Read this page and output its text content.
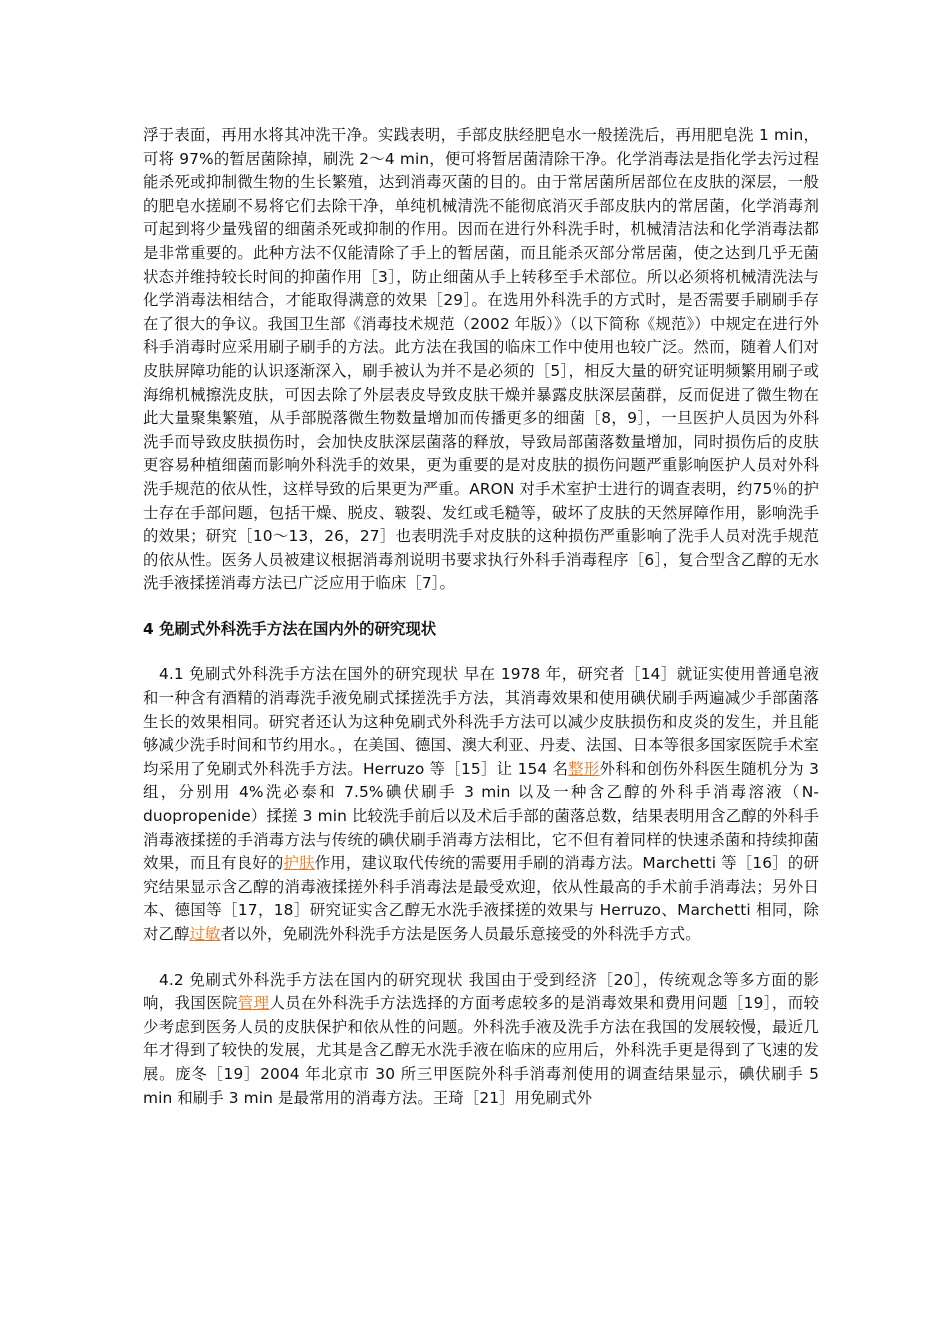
浮于表面，再用水将其冲洗干净。实践表明，手部皮肤经肥皂水一般搓洗后，再用肥皂洗 1 min，可将 97%的暂居菌除掉，刷洗 2～4 min，便可将暂居菌清除干净。化学消毒法是指化学去污过程能杀死或抑制微生物的生长繁殖，达到消毒灭菌的目的。由于常居菌所居部位在皮肤的深层，一般的肥皂水搓刷不易将它们去除干净，单纯机械清洗不能彻底消灭手部皮肤内的常居菌，化学消毒剂可起到将少量残留的细菌杀死或抑制的作用。因而在进行外科洗手时，机械清洁法和化学消毒法都是非常重要的。此种方法不仅能清除了手上的暂居菌，而且能杀灭部分常居菌，使之达到几乎无菌状态并维持较长时间的抑菌作用［3］，防止细菌从手上转移至手术部位。所以必须将机械清洗法与化学消毒法相结合，才能取得满意的效果［29］。在选用外科洗手的方式时，是否需要手刷刷手存在了很大的争议。我国卫生部《消毒技术规范（2002 年版）》（以下简称《规范》）中规定在进行外科手消毒时应采用刷子刷手的方法。此方法在我国的临床工作中使用也较广泛。然而，随着人们对皮肤屏障功能的认识逐渐深入，刷手被认为并不是必须的［5］，相反大量的研究证明频繁用刷子或海绵机械擦洗皮肤，可因去除了外层表皮导致皮肤干燥并暴露皮肤深层菌群，反而促进了微生物在此大量聚集繁殖，从手部脱落微生物数量增加而传播更多的细菌［8，9］，一旦医护人员因为外科洗手而导致皮肤损伤时，会加快皮肤深层菌落的释放，导致局部菌落数量增加，同时损伤后的皮肤更容易种植细菌而影响外科洗手的效果，更为重要的是对皮肤的损伤问题严重影响医护人员对外科洗手规范的依从性，这样导致的后果更为严重。ARON 对手术室护士进行的调查表明，约75％的护士存在手部问题，包括干燥、脱皮、皲裂、发红或毛糙等，破坏了皮肤的天然屏障作用，影响洗手的效果；研究［10～13，26，27］也表明洗手对皮肤的这种损伤严重影响了洗手人员对洗手规范的依从性。医务人员被建议根据消毒剂说明书要求执行外科手消毒程序［6］，复合型含乙醇的无水洗手液揉搓消毒方法已广泛应用于临床［7］。

4 免刷式外科洗手方法在国内外的研究现状

4.1 免刷式外科洗手方法在国外的研究现状 早在 1978 年，研究者［14］就证实使用普通皂液和一种含有酒精的消毒洗手液免刷式揉搓洗手方法，其消毒效果和使用碘伏刷手两遍减少手部菌落生长的效果相同。研究者还认为这种免刷式外科洗手方法可以减少皮肤损伤和皮炎的发生，并且能够减少洗手时间和节约用水。，在美国、德国、澳大利亚、丹麦、法国、日本等很多国家医院手术室均采用了免刷式外科洗手方法。Herruzo 等［15］让 154 名整形外科和创伤外科医生随机分为 3 组，分别用 4%洗必泰和 7.5%碘伏刷手 3 min 以及一种含乙醇的外科手消毒溶液（N-duopropenide）揉搓 3 min 比较洗手前后以及术后手部的菌落总数，结果表明用含乙醇的外科手消毒液揉搓的手消毒方法与传统的碘伏刷手消毒方法相比，它不但有着同样的快速杀菌和持续抑菌效果，而且有良好的护肤作用，建议取代传统的需要用手刷的消毒方法。Marchetti 等［16］的研究结果显示含乙醇的消毒液揉搓外科手消毒法是最受欢迎，依从性最高的手术前手消毒法；另外日本、德国等［17，18］研究证实含乙醇无水洗手液揉搓的效果与 Herruzo、Marchetti 相同，除对乙醇过敏者以外，免刷洗外科洗手方法是医务人员最乐意接受的外科洗手方式。

4.2 免刷式外科洗手方法在国内的研究现状 我国由于受到经济［20］，传统观念等多方面的影响，我国医院管理人员在外科洗手方法选择的方面考虑较多的是消毒效果和费用问题［19］，而较少考虑到医务人员的皮肤保护和依从性的问题。外科洗手液及洗手方法在我国的发展较慢，最近几年才得到了较快的发展，尤其是含乙醇无水洗手液在临床的应用后，外科洗手更是得到了飞速的发展。庞冬［19］2004 年北京市 30 所三甲医院外科手消毒剂使用的调查结果显示，碘伏刷手 5 min 和刷手 3 min 是最常用的消毒方法。王琦［21］用免刷式外
